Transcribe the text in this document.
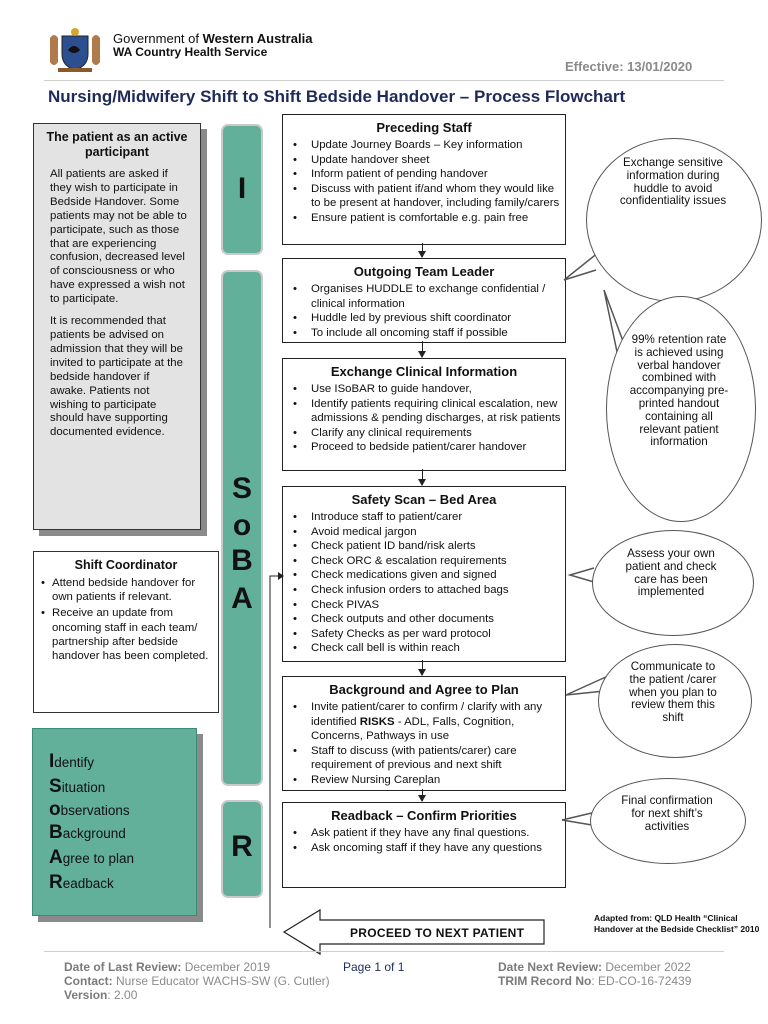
Government of Western Australia
WA Country Health Service
Effective: 13/01/2020
Nursing/Midwifery Shift to Shift Bedside Handover – Process Flowchart
The patient as an active participant

All patients are asked if they wish to participate in Bedside Handover. Some patients may not be able to participate, such as those that are experiencing confusion, decreased level of consciousness or who have expressed a wish not to participate.

It is recommended that patients be advised on admission that they will be invited to participate at the bedside handover if awake. Patients not wishing to participate should have supporting documented evidence.

Shift Coordinator
• Attend bedside handover for own patients if relevant.
• Receive an update from oncoming staff in each team/ partnership after bedside handover has been completed.
Identify
Situation
observations
Background
Agree to plan
Readback
I
S
o
B
A
R
Preceding Staff
• Update Journey Boards – Key information
• Update handover sheet
• Inform patient of pending handover
• Discuss with patient if/and whom they would like to be present at handover, including family/carers
• Ensure patient is comfortable e.g. pain free
Outgoing Team Leader
• Organises HUDDLE to exchange confidential / clinical information
• Huddle led by previous shift coordinator
• To include all oncoming staff if possible
Exchange Clinical Information
• Use ISoBAR to guide handover,
• Identify patients requiring clinical escalation, new admissions & pending discharges, at risk patients
• Clarify any clinical requirements
• Proceed to bedside patient/carer handover
Safety Scan – Bed Area
• Introduce staff to patient/carer
• Avoid medical jargon
• Check patient ID band/risk alerts
• Check ORC & escalation requirements
• Check medications given and signed
• Check infusion orders to attached bags
• Check PIVAS
• Check outputs and other documents
• Safety Checks as per ward protocol
• Check call bell is within reach
Background and Agree to Plan
• Invite patient/carer to confirm / clarify with any identified RISKS - ADL, Falls, Cognition, Concerns, Pathways in use
• Staff to discuss (with patients/carer) care requirement of previous and next shift
• Review Nursing Careplan
Readback – Confirm Priorities
• Ask patient if they have any final questions.
• Ask oncoming staff if they have any questions
Exchange sensitive information during huddle to avoid confidentiality issues
99% retention rate is achieved using verbal handover combined with accompanying pre-printed handout containing all relevant patient information
Assess your own patient and check care has been implemented
Communicate to the patient /carer when you plan to review them this shift
Final confirmation for next shift’s activities
PROCEED TO NEXT PATIENT
Adapted from: QLD Health “Clinical Handover at the Bedside Checklist” 2010
Date of Last Review: December 2019
Contact: Nurse Educator WACHS-SW (G. Cutler)
Version: 2.00
Page 1 of 1	Date Next Review: December 2022
TRIM Record No: ED-CO-16-72439
